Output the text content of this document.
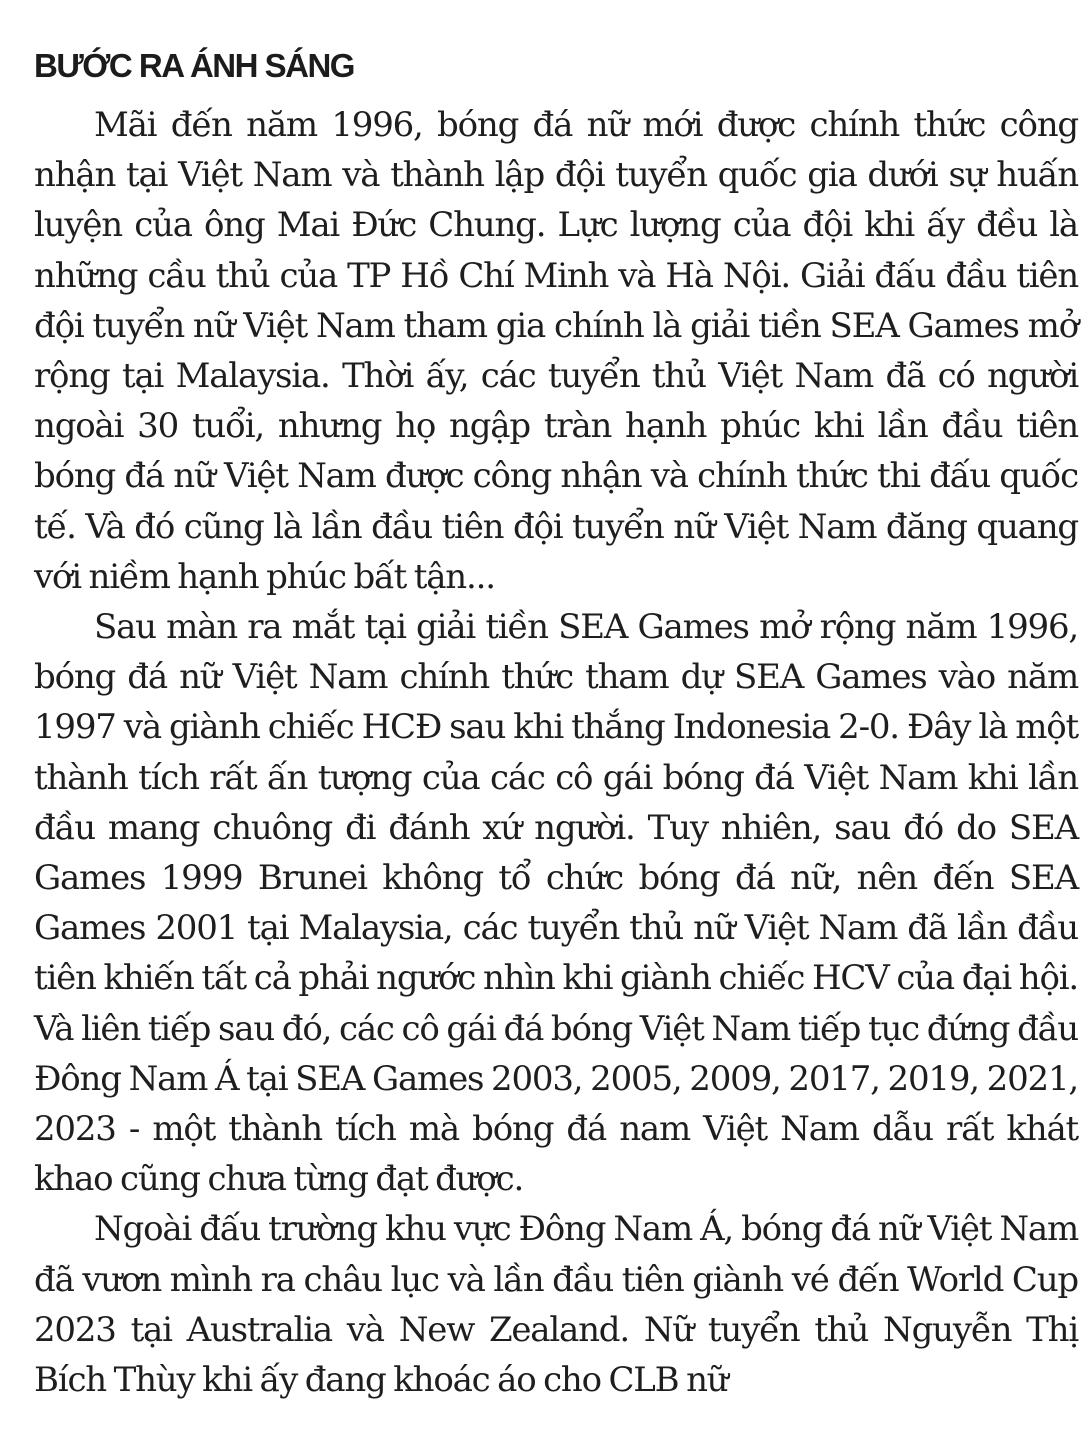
BƯỚC RA ÁNH SÁNG

Mãi đến năm 1996, bóng đá nữ mới được chính thức công nhận tại Việt Nam và thành lập đội tuyển quốc gia dưới sự huấn luyện của ông Mai Đức Chung. Lực lượng của đội khi ấy đều là những cầu thủ của TP Hồ Chí Minh và Hà Nội. Giải đấu đầu tiên đội tuyển nữ Việt Nam tham gia chính là giải tiền SEA Games mở rộng tại Malaysia. Thời ấy, các tuyển thủ Việt Nam đã có người ngoài 30 tuổi, nhưng họ ngập tràn hạnh phúc khi lần đầu tiên bóng đá nữ Việt Nam được công nhận và chính thức thi đấu quốc tế. Và đó cũng là lần đầu tiên đội tuyển nữ Việt Nam đăng quang với niềm hạnh phúc bất tận...

Sau màn ra mắt tại giải tiền SEA Games mở rộng năm 1996, bóng đá nữ Việt Nam chính thức tham dự SEA Games vào năm 1997 và giành chiếc HCĐ sau khi thắng Indonesia 2-0. Đây là một thành tích rất ấn tượng của các cô gái bóng đá Việt Nam khi lần đầu mang chuông đi đánh xứ người. Tuy nhiên, sau đó do SEA Games 1999 Brunei không tổ chức bóng đá nữ, nên đến SEA Games 2001 tại Malaysia, các tuyển thủ nữ Việt Nam đã lần đầu tiên khiến tất cả phải ngước nhìn khi giành chiếc HCV của đại hội. Và liên tiếp sau đó, các cô gái đá bóng Việt Nam tiếp tục đứng đầu Đông Nam Á tại SEA Games 2003, 2005, 2009, 2017, 2019, 2021, 2023 - một thành tích mà bóng đá nam Việt Nam dẫu rất khát khao cũng chưa từng đạt được.

Ngoài đấu trường khu vực Đông Nam Á, bóng đá nữ Việt Nam đã vươn mình ra châu lục và lần đầu tiên giành vé đến World Cup 2023 tại Australia và New Zealand. Nữ tuyển thủ Nguyễn Thị Bích Thùy khi ấy đang khoác áo cho CLB nữ
